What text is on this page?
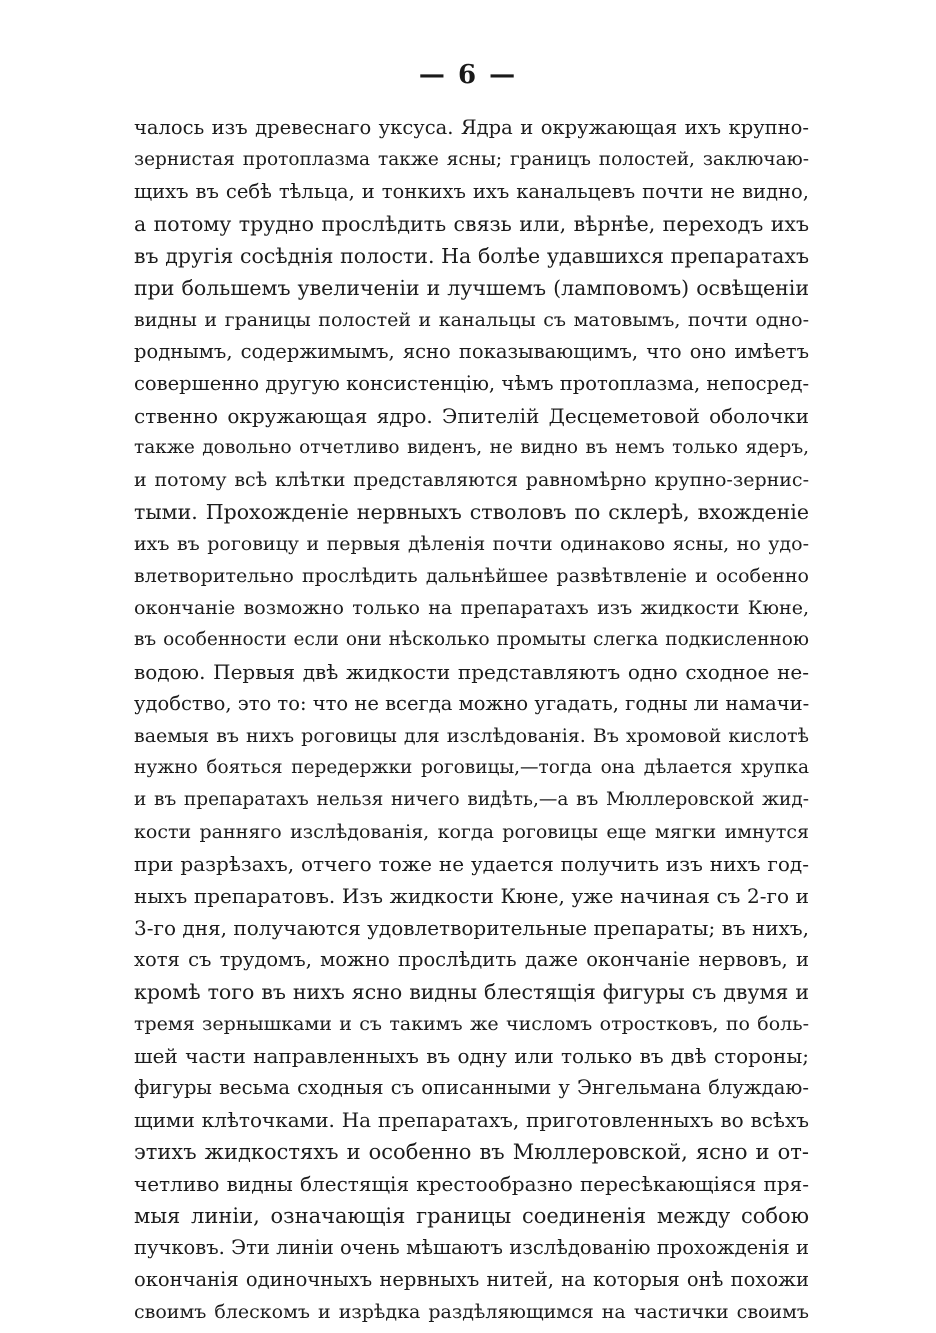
— 6 —
чалось изъ древеснаго уксуса. Ядра и окружающая ихъ крупно-
зернистая протоплазма также ясны; границъ полостей, заключаю-
щихъ въ себѣ тѣльца, и тонкихъ ихъ канальцевъ почти не видно,
а потому трудно прослѣдить связь или, вѣрнѣе, переходъ ихъ
въ другія сосѣднія полости. На болѣе удавшихся препаратахъ
при большемъ увеличеніи и лучшемъ (ламповомъ) освѣщеніи
видны и границы полостей и канальцы съ матовымъ, почти одно-
роднымъ, содержимымъ, ясно показывающимъ, что оно имѣетъ
совершенно другую консистенцію, чѣмъ протоплазма, непосред-
ственно окружающая ядро. Эпителій Десцеметовой оболочки
также довольно отчетливо виденъ, не видно въ немъ только ядеръ,
и потому всѣ клѣтки представляются равномѣрно крупно-зернис-
тыми. Прохожденіе нервныхъ стволовъ по склерѣ, вхожденіе
ихъ въ роговицу и первыя дѣленія почти одинаково ясны, но удо-
влетворительно прослѣдить дальнѣйшее развѣтвленіе и особенно
окончаніе возможно только на препаратахъ изъ жидкости Кюне,
въ особенности если они нѣсколько промыты слегка подкисленною
водою. Первыя двѣ жидкости представляютъ одно сходное не-
удобство, это то: что не всегда можно угадать, годны ли намачи-
ваемыя въ нихъ роговицы для изслѣдованія. Въ хромовой кислотѣ
нужно бояться передержки роговицы,—тогда она дѣлается хрупка
и въ препаратахъ нельзя ничего видѣть,—а въ Мюллеровской жид-
кости ранняго изслѣдованія, когда роговицы еще мягки имнутся
при разрѣзахъ, отчего тоже не удается получить изъ нихъ год-
ныхъ препаратовъ. Изъ жидкости Кюне, уже начиная съ 2-го и
3-го дня, получаются удовлетворительные препараты; въ нихъ,
хотя съ трудомъ, можно прослѣдить даже окончаніе нервовъ, и
кромѣ того въ нихъ ясно видны блестящія фигуры съ двумя и
тремя зернышками и съ такимъ же числомъ отростковъ, по боль-
шей части направленныхъ въ одну или только въ двѣ стороны;
фигуры весьма сходныя съ описанными у Энгельмана блуждаю-
щими клѣточками. На препаратахъ, приготовленныхъ во всѣхъ
этихъ жидкостяхъ и особенно въ Мюллеровской, ясно и от-
четливо видны блестящія крестообразно пересѣкающіяся пря-
мыя линіи, означающія границы соединенія между собою
пучковъ. Эти линіи очень мѣшаютъ изслѣдованію прохожденія и
окончанія одиночныхъ нервныхъ нитей, на которыя онѣ похожи
своимъ блескомъ и изрѣдка раздѣляющимся на частички своимъ
